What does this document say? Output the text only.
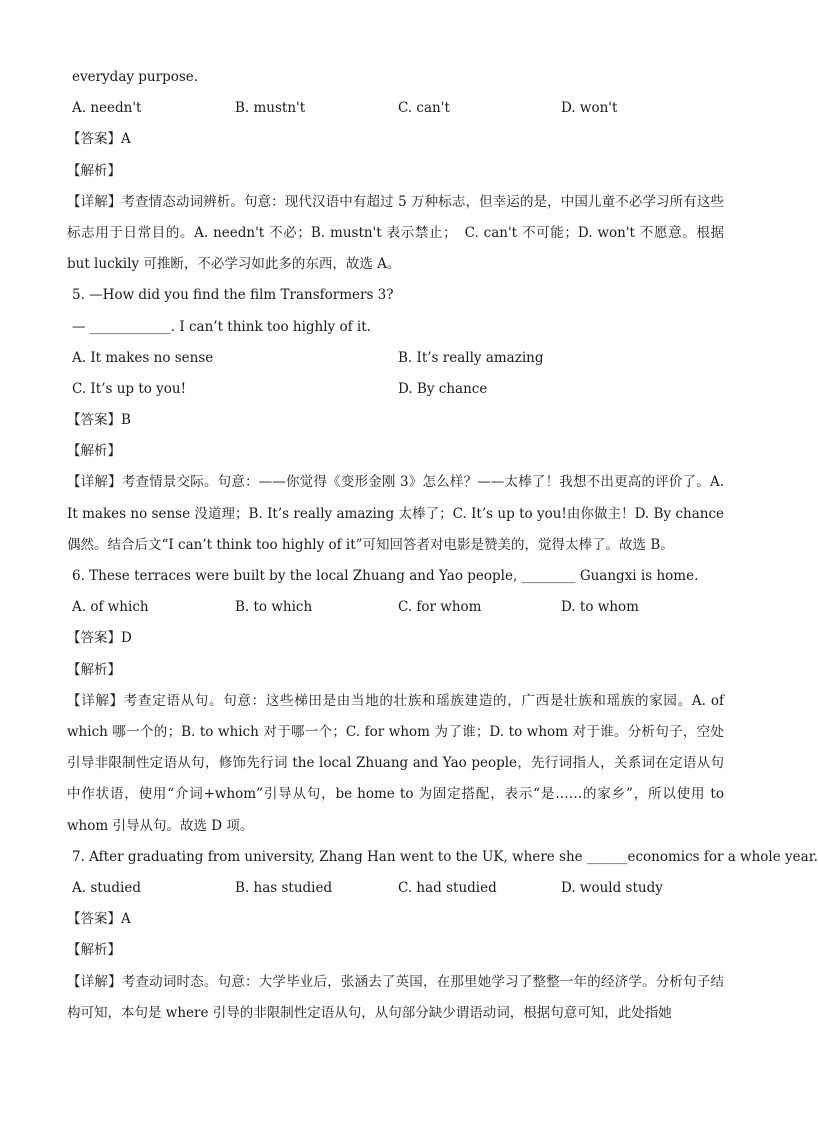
everyday purpose.
A. needn't	B. mustn't	C. can't	D. won't
【答案】A
【解析】
【详解】考查情态动词辨析。句意：现代汉语中有超过 5 万种标志，但幸运的是，中国儿童不必学习所有这些标志用于日常目的。A. needn't 不必；B. mustn't 表示禁止；　C. can't 不可能；D. won't 不愿意。根据 but luckily 可推断，不必学习如此多的东西，故选 A。
5. —How did you find the film Transformers 3?
— ____________. I can’t think too highly of it.
A. It makes no sense	B. It’s really amazing
C. It’s up to you!	D. By chance
【答案】B
【解析】
【详解】考查情景交际。句意：——你觉得《变形金刚 3》怎么样？——太棒了！我想不出更高的评价了。A. It makes no sense 没道理；B. It’s really amazing 太棒了；C. It’s up to you!由你做主！D. By chance 偶然。结合后文“I can’t think too highly of it”可知回答者对电影是赞美的，觉得太棒了。故选 B。
6. These terraces were built by the local Zhuang and Yao people, ________ Guangxi is home.
A. of which	B. to which	C. for whom	D. to whom
【答案】D
【解析】
【详解】考查定语从句。句意：这些梯田是由当地的壮族和瑶族建造的，广西是壮族和瑶族的家园。A. of which 哪一个的；B. to which 对于哪一个；C. for whom 为了谁；D. to whom 对于谁。分析句子，空处引导非限制性定语从句，修饰先行词 the local Zhuang and Yao people，先行词指人，关系词在定语从句中作状语，使用“介词+whom”引导从句，be home to 为固定搭配，表示“是……的家乡”，所以使用 to whom 引导从句。故选 D 项。
7. After graduating from university, Zhang Han went to the UK, where she ______economics for a whole year.
A. studied	B. has studied	C. had studied	D. would study
【答案】A
【解析】
【详解】考查动词时态。句意：大学毕业后，张涵去了英国，在那里她学习了整整一年的经济学。分析句子结构可知，本句是 where 引导的非限制性定语从句，从句部分缺少谓语动词，根据句意可知，此处指她
